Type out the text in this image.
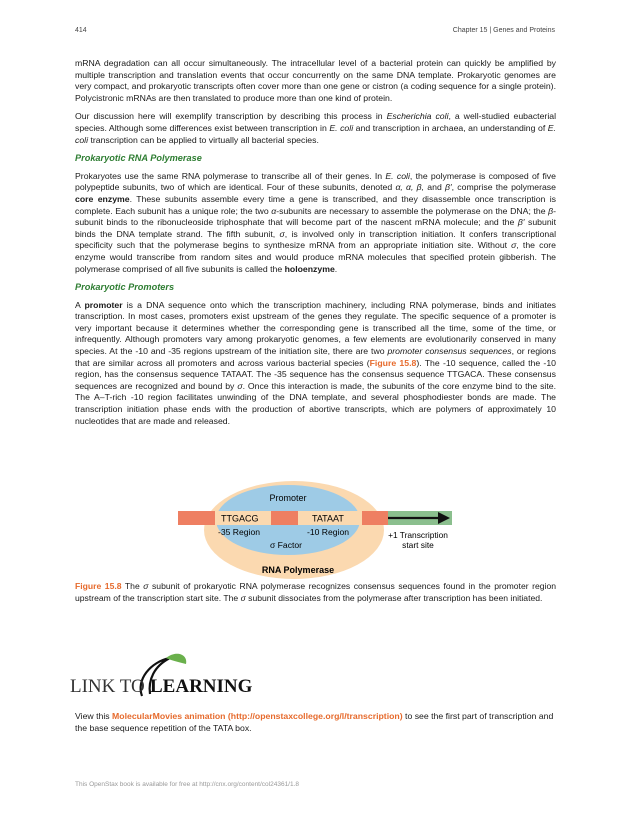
414	Chapter 15 | Genes and Proteins

mRNA degradation can all occur simultaneously. The intracellular level of a bacterial protein can quickly be amplified by multiple transcription and translation events that occur concurrently on the same DNA template. Prokaryotic genomes are very compact, and prokaryotic transcripts often cover more than one gene or cistron (a coding sequence for a single protein). Polycistronic mRNAs are then translated to produce more than one kind of protein.

Our discussion here will exemplify transcription by describing this process in Escherichia coli, a well-studied eubacterial species. Although some differences exist between transcription in E. coli and transcription in archaea, an understanding of E. coli transcription can be applied to virtually all bacterial species.

Prokaryotic RNA Polymerase

Prokaryotes use the same RNA polymerase to transcribe all of their genes. In E. coli, the polymerase is composed of five polypeptide subunits, two of which are identical. Four of these subunits, denoted α, α, β, and β′, comprise the polymerase core enzyme. These subunits assemble every time a gene is transcribed, and they disassemble once transcription is complete. Each subunit has a unique role; the two α-subunits are necessary to assemble the polymerase on the DNA; the β-subunit binds to the ribonucleoside triphosphate that will become part of the nascent mRNA molecule; and the β′ subunit binds the DNA template strand. The fifth subunit, σ, is involved only in transcription initiation. It confers transcriptional specificity such that the polymerase begins to synthesize mRNA from an appropriate initiation site. Without σ, the core enzyme would transcribe from random sites and would produce mRNA molecules that specified protein gibberish. The polymerase comprised of all five subunits is called the holoenzyme.

Prokaryotic Promoters

A promoter is a DNA sequence onto which the transcription machinery, including RNA polymerase, binds and initiates transcription. In most cases, promoters exist upstream of the genes they regulate. The specific sequence of a promoter is very important because it determines whether the corresponding gene is transcribed all the time, some of the time, or infrequently. Although promoters vary among prokaryotic genomes, a few elements are evolutionarily conserved in many species. At the -10 and -35 regions upstream of the initiation site, there are two promoter consensus sequences, or regions that are similar across all promoters and across various bacterial species (Figure 15.8). The -10 sequence, called the -10 region, has the consensus sequence TATAAT. The -35 sequence has the consensus sequence TTGACA. These consensus sequences are recognized and bound by σ. Once this interaction is made, the subunits of the core enzyme bind to the site. The A–T-rich -10 region facilitates unwinding of the DNA template, and several phosphodiester bonds are made. The transcription initiation phase ends with the production of abortive transcripts, which are polymers of approximately 10 nucleotides that are made and released.

Promoter
TTGACG	TATAAT
-35 Region	-10 Region
σ Factor
+1 Transcription
start site
RNA Polymerase
Figure 15.8 The σ subunit of prokaryotic RNA polymerase recognizes consensus sequences found in the promoter region upstream of the transcription start site. The σ subunit dissociates from the polymerase after transcription has been initiated.
LINK TO LEARNING
View this MolecularMovies animation (http://openstaxcollege.org/l/transcription) to see the first part of transcription and the base sequence repetition of the TATA box.
This OpenStax book is available for free at http://cnx.org/content/col24361/1.8
